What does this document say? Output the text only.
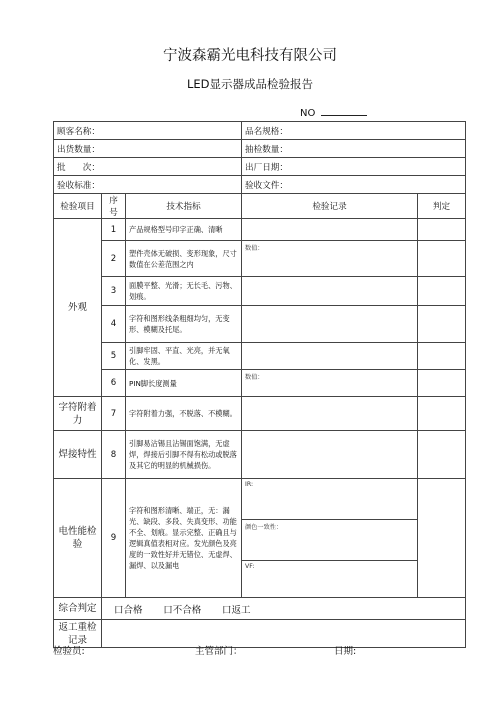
宁波森霸光电科技有限公司
LED显示器成品检验报告
NO
顾客名称：			品名规格：	
出货数量：			抽检数量：	
批　　次：			出厂日期：	
验收标准：			验收文件：	
检验项目	序号	技术指标	检验记录	判定
外观	1	产品规格型号印字正确、清晰		
	2	塑件壳体无破损、变形现象，尺寸数值在公差范围之内	数值：	
	3	面膜平整、光滑；无长毛、污物、划痕。		
	4	字符和图形线条粗细均匀，无变形、模糊及托尾。		
	5	引脚牢固、平直、光亮，并无氧化、发黑。		
	6	PIN脚长度测量	数值：	
字符附着力	7	字符附着力强，不脱落、不模糊。		
焊接特性	8	引脚易沾锡且沾锡面饱满，无虚焊，焊接后引脚不得有松动或脱落及其它的明显的机械损伤。		
电性能检验	9	字符和图形清晰、端正，无：漏光、缺段、多段、失真变形、功能不全、划痕。显示完整、正确且与逻辑真值表相对应。发光颜色及亮度的一致性好并无错位、无虚焊、漏焊、以及漏电	IR:	
			颜色一致性：	
			VF:	
综合判定	口合格 口不合格 口返工			
返工重检记录				
检验员:	主管部门：	日期:
